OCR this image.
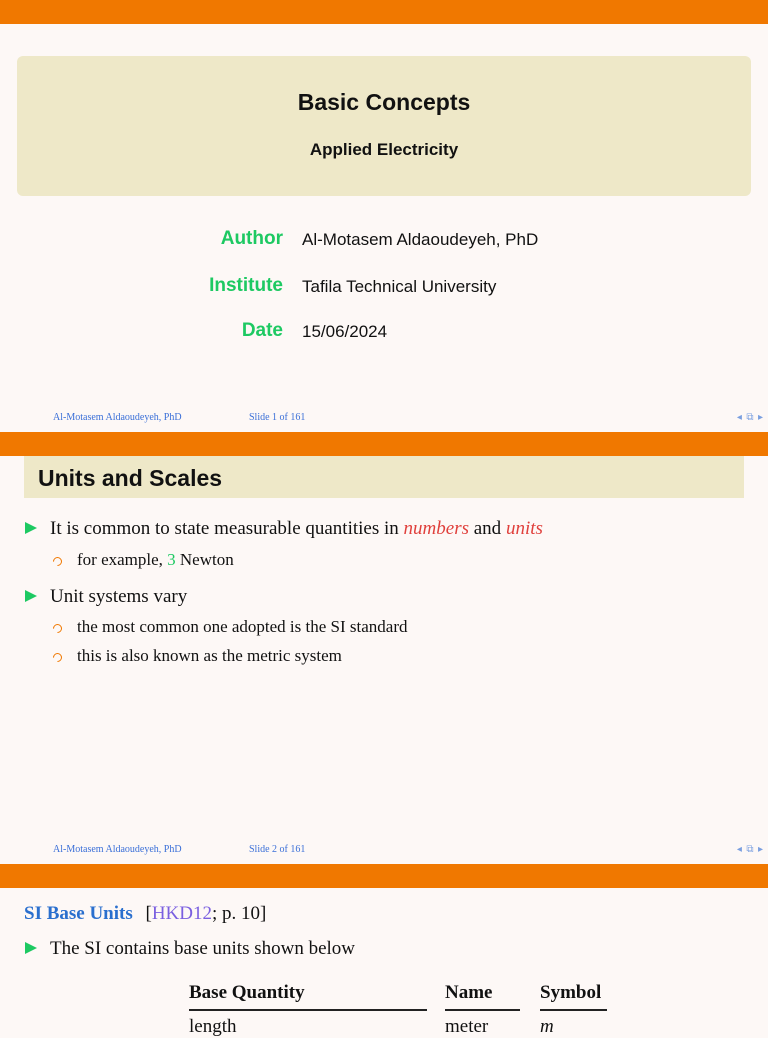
Basic Concepts
Applied Electricity
Author Al-Motasem Aldaoudeyeh, PhD
Institute Tafila Technical University
Date 15/06/2024
Al-Motasem Aldaoudeyeh, PhD	Slide 1 of 161	◂ ⧉ ▸
Units and Scales
It is common to state measurable quantities in numbers and units
for example, 3 Newton
Unit systems vary
the most common one adopted is the SI standard
this is also known as the metric system
Al-Motasem Aldaoudeyeh, PhD	Slide 2 of 161	◂ ⧉ ▸
SI Base Units [HKD12; p. 10]
The SI contains base units shown below
Base Quantity	Name	Symbol
length	meter	m
